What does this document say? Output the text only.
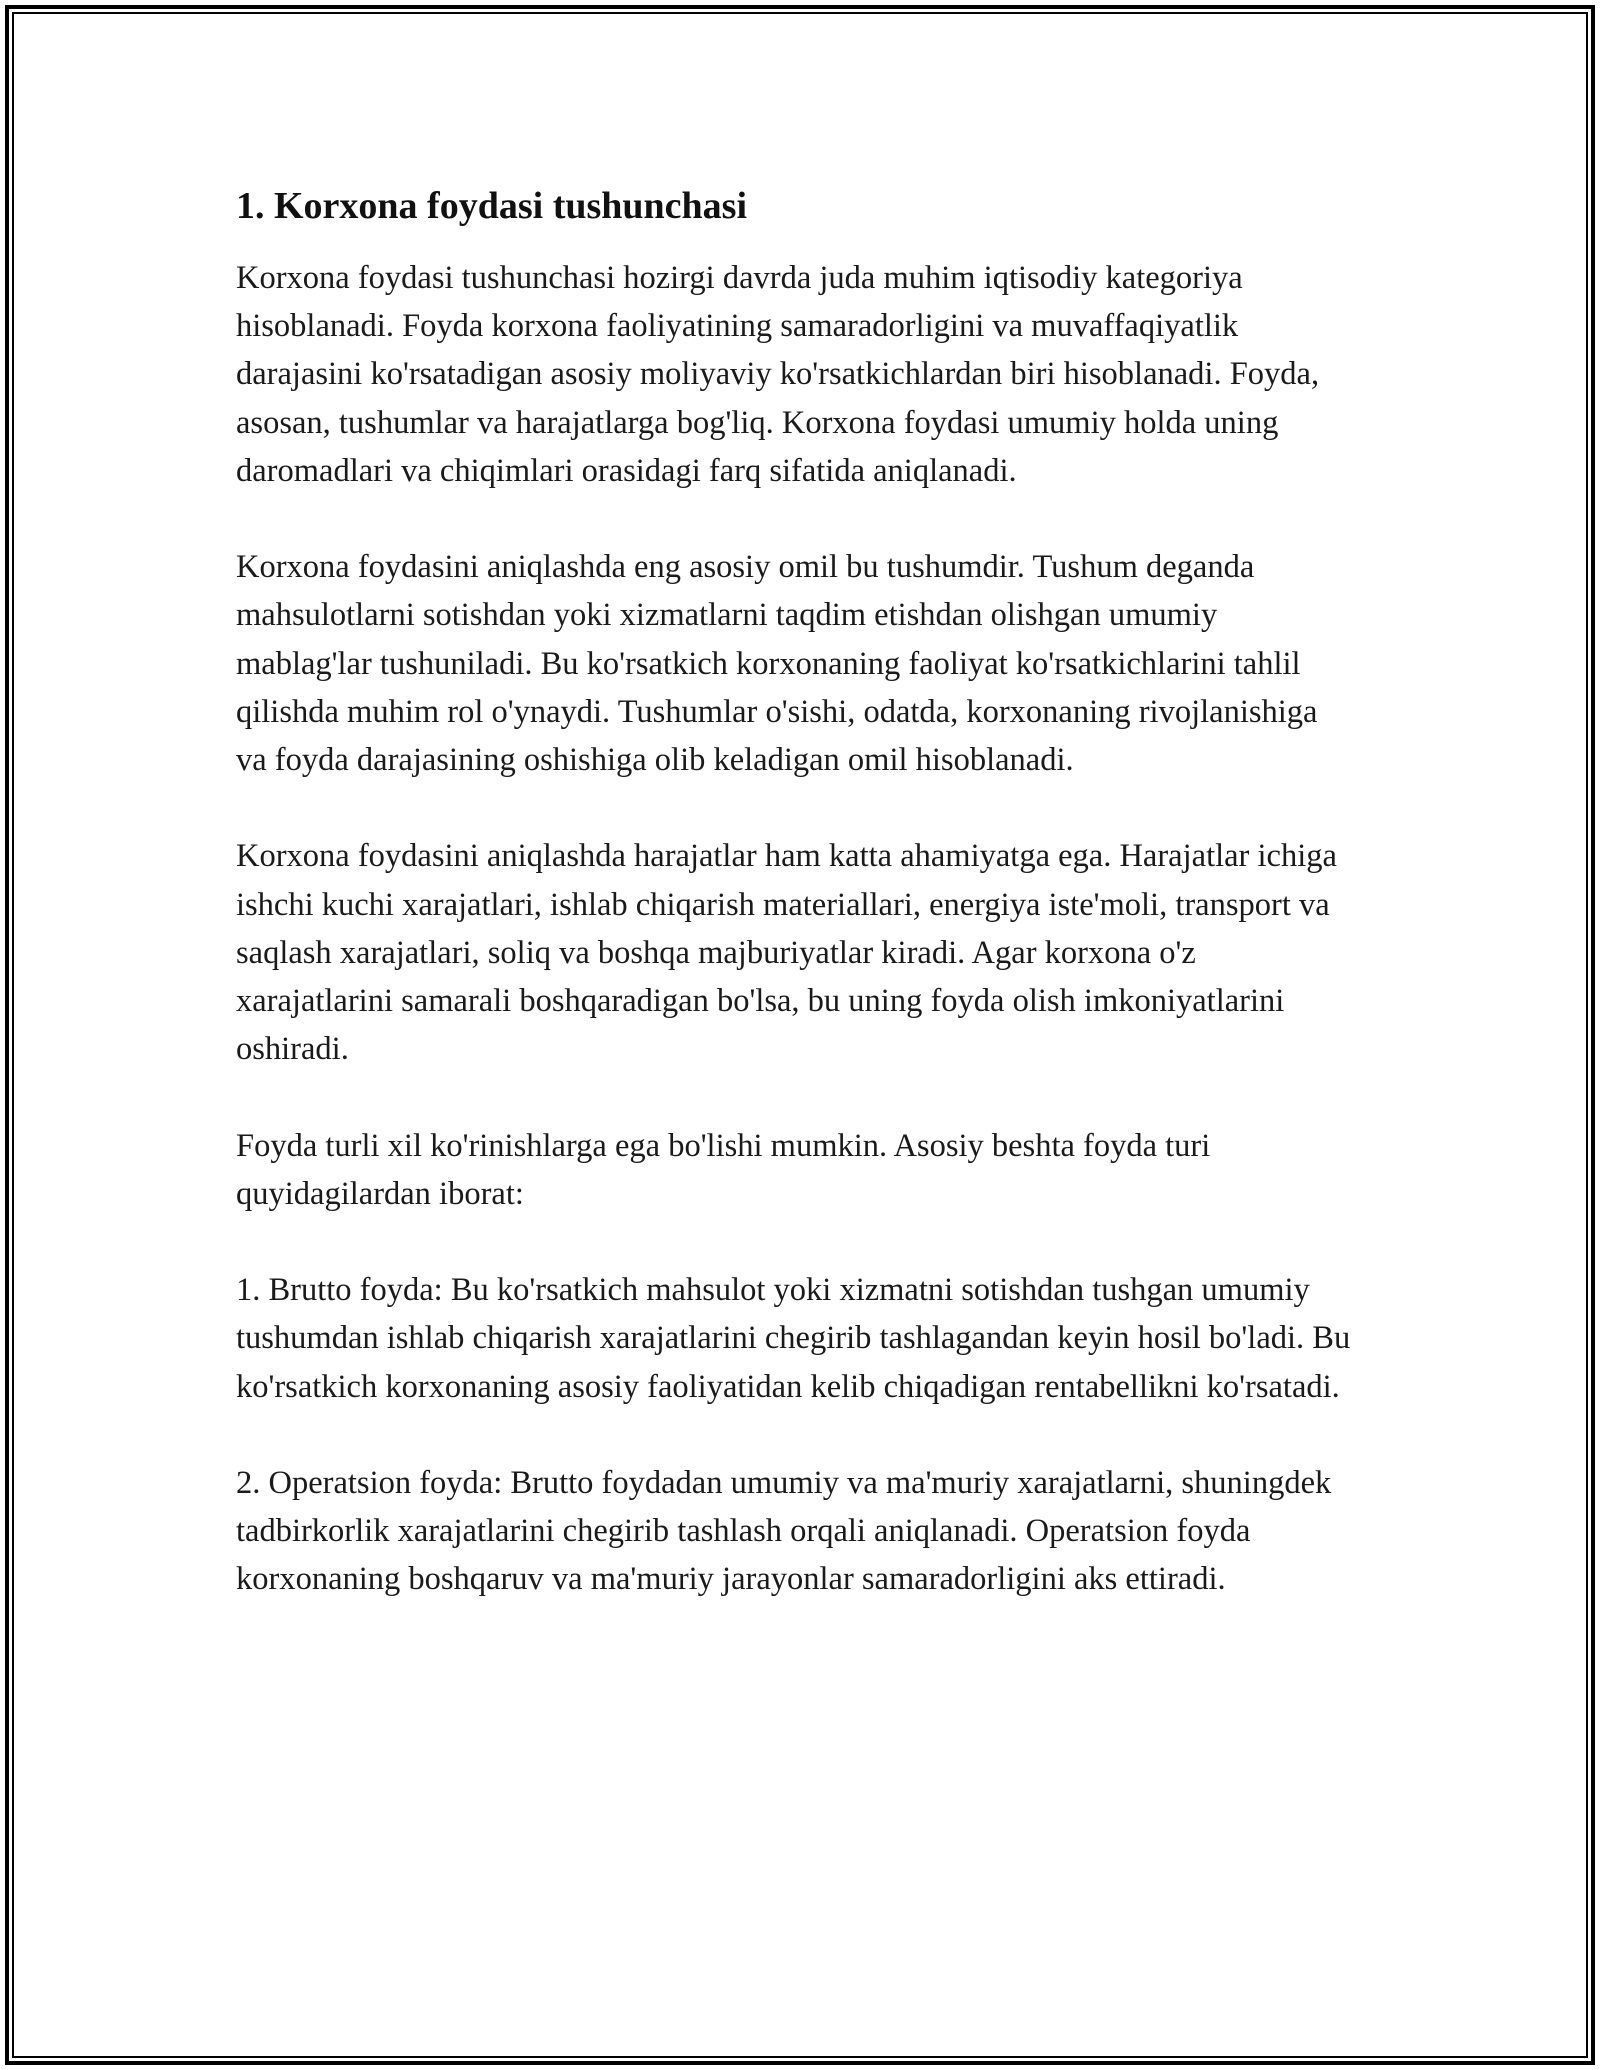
1. Korxona foydasi tushunchasi

Korxona foydasi tushunchasi hozirgi davrda juda muhim iqtisodiy kategoriya hisoblanadi. Foyda korxona faoliyatining samaradorligini va muvaffaqiyatlik darajasini ko'rsatadigan asosiy moliyaviy ko'rsatkichlardan biri hisoblanadi. Foyda, asosan, tushumlar va harajatlarga bog'liq. Korxona foydasi umumiy holda uning daromadlari va chiqimlari orasidagi farq sifatida aniqlanadi.

Korxona foydasini aniqlashda eng asosiy omil bu tushumdir. Tushum deganda mahsulotlarni sotishdan yoki xizmatlarni taqdim etishdan olishgan umumiy mablag'lar tushuniladi. Bu ko'rsatkich korxonaning faoliyat ko'rsatkichlarini tahlil qilishda muhim rol o'ynaydi. Tushumlar o'sishi, odatda, korxonaning rivojlanishiga va foyda darajasining oshishiga olib keladigan omil hisoblanadi.

Korxona foydasini aniqlashda harajatlar ham katta ahamiyatga ega. Harajatlar ichiga ishchi kuchi xarajatlari, ishlab chiqarish materiallari, energiya iste'moli, transport va saqlash xarajatlari, soliq va boshqa majburiyatlar kiradi. Agar korxona o'z xarajatlarini samarali boshqaradigan bo'lsa, bu uning foyda olish imkoniyatlarini oshiradi.

Foyda turli xil ko'rinishlarga ega bo'lishi mumkin. Asosiy beshta foyda turi quyidagilardan iborat:

1. Brutto foyda: Bu ko'rsatkich mahsulot yoki xizmatni sotishdan tushgan umumiy tushumdan ishlab chiqarish xarajatlarini chegirib tashlagandan keyin hosil bo'ladi. Bu ko'rsatkich korxonaning asosiy faoliyatidan kelib chiqadigan rentabellikni ko'rsatadi.

2. Operatsion foyda: Brutto foydadan umumiy va ma'muriy xarajatlarni, shuningdek tadbirkorlik xarajatlarini chegirib tashlash orqali aniqlanadi. Operatsion foyda korxonaning boshqaruv va ma'muriy jarayonlar samaradorligini aks ettiradi.
